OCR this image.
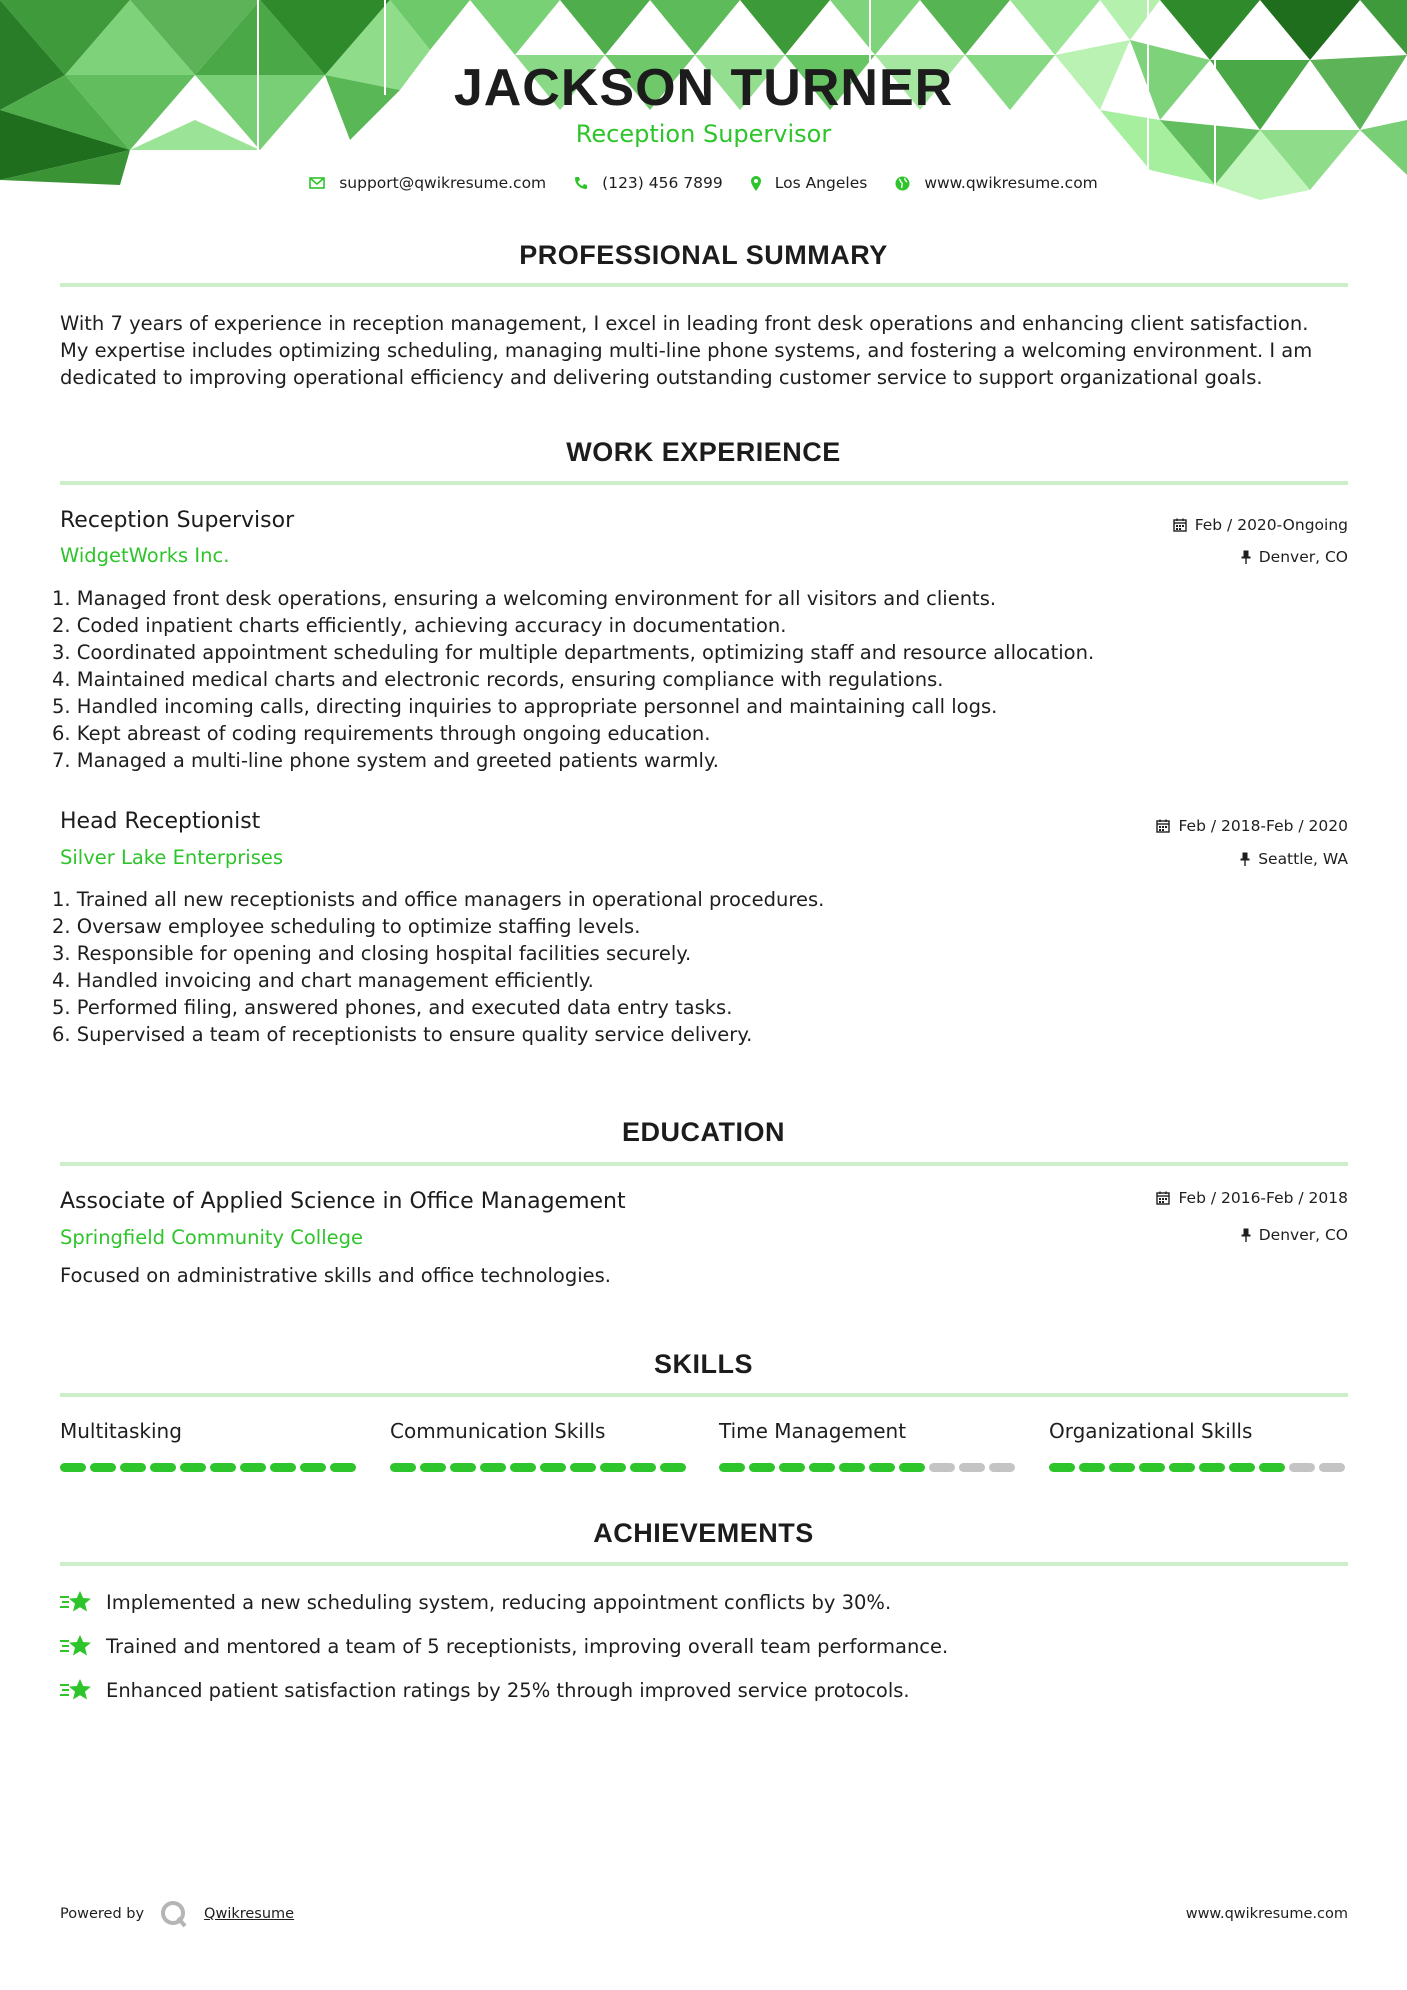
JACKSON TURNER
Reception Supervisor
support@qwikresume.com	(123) 456 7899	Los Angeles	www.qwikresume.com
PROFESSIONAL SUMMARY
With 7 years of experience in reception management, I excel in leading front desk operations and enhancing client satisfaction.
My expertise includes optimizing scheduling, managing multi-line phone systems, and fostering a welcoming environment. I am
dedicated to improving operational efficiency and delivering outstanding customer service to support organizational goals.
WORK EXPERIENCE
Reception Supervisor
WidgetWorks Inc.
Feb / 2020-Ongoing
Denver, CO
1. Managed front desk operations, ensuring a welcoming environment for all visitors and clients.
2. Coded inpatient charts efficiently, achieving accuracy in documentation.
3. Coordinated appointment scheduling for multiple departments, optimizing staff and resource allocation.
4. Maintained medical charts and electronic records, ensuring compliance with regulations.
5. Handled incoming calls, directing inquiries to appropriate personnel and maintaining call logs.
6. Kept abreast of coding requirements through ongoing education.
7. Managed a multi-line phone system and greeted patients warmly.
Head Receptionist
Silver Lake Enterprises
Feb / 2018-Feb / 2020
Seattle, WA
1. Trained all new receptionists and office managers in operational procedures.
2. Oversaw employee scheduling to optimize staffing levels.
3. Responsible for opening and closing hospital facilities securely.
4. Handled invoicing and chart management efficiently.
5. Performed filing, answered phones, and executed data entry tasks.
6. Supervised a team of receptionists to ensure quality service delivery.
EDUCATION
Associate of Applied Science in Office Management
Springfield Community College
Feb / 2016-Feb / 2018
Denver, CO
Focused on administrative skills and office technologies.
SKILLS
Multitasking	Communication Skills	Time Management	Organizational Skills
ACHIEVEMENTS
Implemented a new scheduling system, reducing appointment conflicts by 30%.
Trained and mentored a team of 5 receptionists, improving overall team performance.
Enhanced patient satisfaction ratings by 25% through improved service protocols.
Powered by	Qwikresume	www.qwikresume.com
